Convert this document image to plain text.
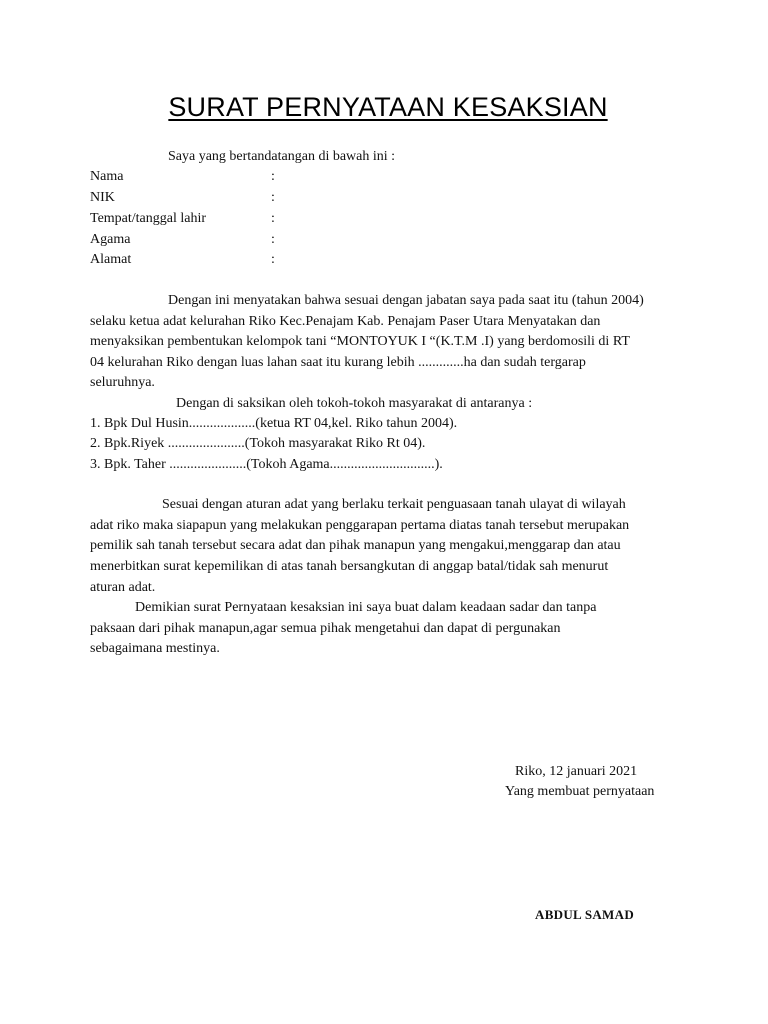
SURAT PERNYATAAN KESAKSIAN
Saya yang bertandatangan di bawah ini :
Nama	:
NIK	:
Tempat/tanggal lahir	:
Agama	:
Alamat	:
Dengan ini menyatakan bahwa sesuai dengan jabatan saya pada saat itu (tahun 2004)
selaku ketua adat kelurahan Riko Kec.Penajam Kab. Penajam Paser Utara Menyatakan dan
menyaksikan pembentukan kelompok tani “MONTOYUK I “(K.T.M .I) yang berdomosili di RT
04 kelurahan Riko dengan luas lahan saat itu kurang lebih .............ha dan sudah tergarap
seluruhnya.
Dengan di saksikan oleh tokoh-tokoh masyarakat di antaranya :
1. Bpk Dul Husin...................(ketua RT 04,kel. Riko tahun 2004).
2. Bpk.Riyek ......................(Tokoh masyarakat Riko Rt 04).
3. Bpk. Taher ......................(Tokoh Agama..............................).
Sesuai dengan aturan adat yang berlaku terkait penguasaan tanah ulayat di wilayah
adat riko maka siapapun yang melakukan penggarapan pertama diatas tanah tersebut merupakan
pemilik sah tanah tersebut secara adat dan pihak manapun yang mengakui,menggarap dan atau
menerbitkan surat kepemilikan di atas tanah bersangkutan di anggap batal/tidak sah menurut
aturan adat.
Demikian surat Pernyataan kesaksian ini saya buat dalam keadaan sadar dan tanpa
paksaan dari pihak manapun,agar semua pihak mengetahui dan dapat di pergunakan
sebagaimana mestinya.
Riko, 12 januari 2021
Yang membuat pernyataan
ABDUL SAMAD
